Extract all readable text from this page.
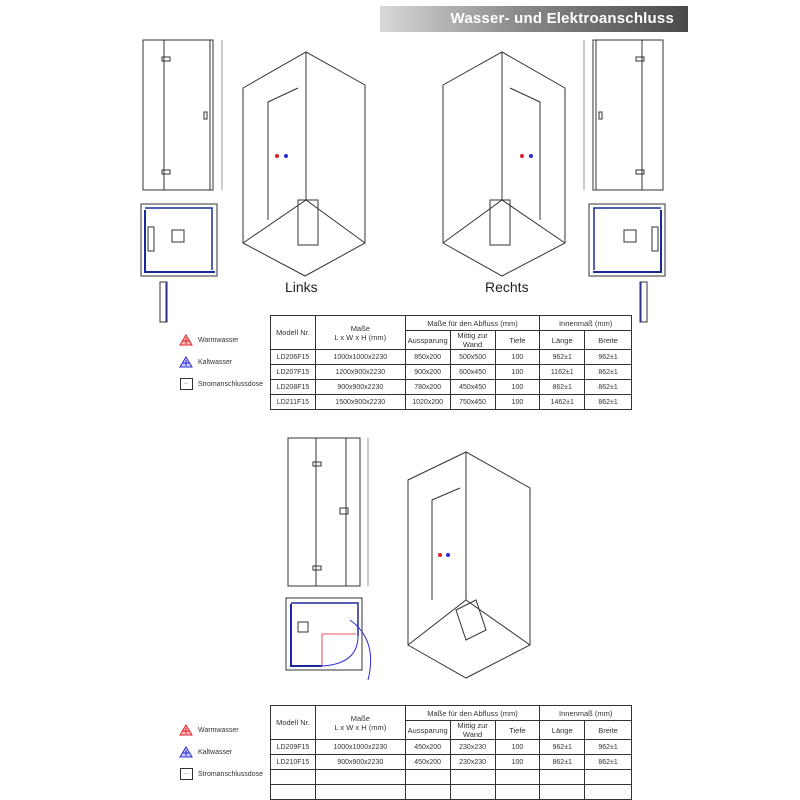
Wasser- und Elektroanschluss
Links	Rechts
Warmwasser
Kaltwasser
◦◦	Stromanschlussdose
Modell Nr.	Maße
L x W x H (mm)	Maße für den Abfluss (mm)			Innenmaß (mm)	
		Aussparung	Mittig zur Wand	Tiefe	Länge	Breite
LD206F15	1000x1000x2230	850x200	500x500	100	962±1	962±1
LD207F15	1200x900x2230	900x200	600x450	100	1162±1	862±1
LD208F15	900x900x2230	780x200	450x450	100	862±1	862±1
LD211F15	1500x900x2230	1020x200	750x450	100	1462±1	862±1
Warmwasser
Kaltwasser
◦◦	Stromanschlussdose
Modell Nr.	Maße
L x W x H (mm)	Maße für den Abfluss (mm)			Innenmaß (mm)	
		Aussparung	Mittig zur Wand	Tiefe	Länge	Breite
LD209F15	1000x1000x2230	450x200	230x230	100	962±1	962±1
LD210F15	900x900x2230	450x200	230x230	100	862±1	862±1
